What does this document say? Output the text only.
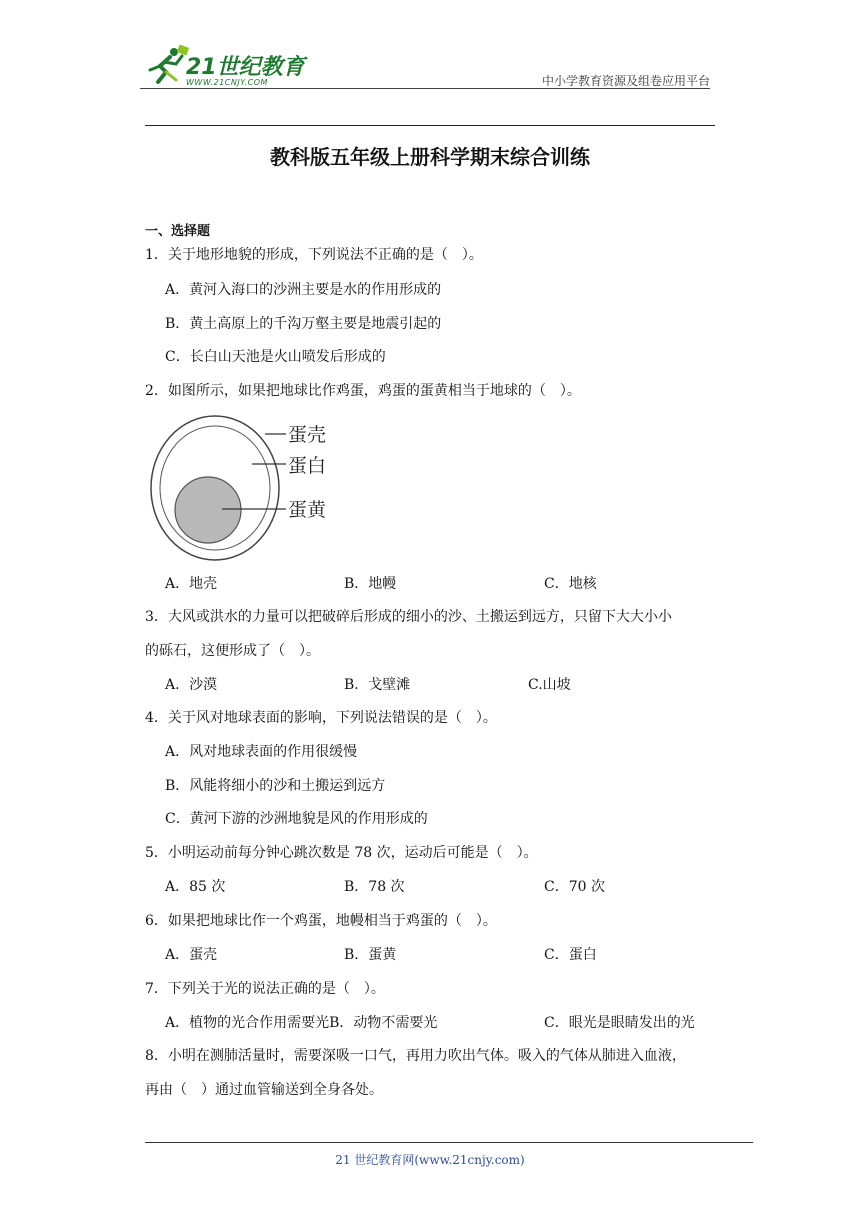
21世纪教育
WWW.21CNJY.COM	中小学教育资源及组卷应用平台
教科版五年级上册科学期末综合训练
一、选择题
1．关于地形地貌的形成，下列说法不正确的是（　）。
A．黄河入海口的沙洲主要是水的作用形成的
B．黄土高原上的千沟万壑主要是地震引起的
C．长白山天池是火山喷发后形成的
2．如图所示，如果把地球比作鸡蛋，鸡蛋的蛋黄相当于地球的（　）。
蛋壳
蛋白
蛋黄
A．地壳	B．地幔	C．地核
3．大风或洪水的力量可以把破碎后形成的细小的沙、土搬运到远方，只留下大大小小
的砾石，这便形成了（　）。
A．沙漠	B．戈壁滩	C.山坡
4．关于风对地球表面的影响，下列说法错误的是（　）。
A．风对地球表面的作用很缓慢
B．风能将细小的沙和土搬运到远方
C．黄河下游的沙洲地貌是风的作用形成的
5．小明运动前每分钟心跳次数是 78 次，运动后可能是（　）。
A．85 次	B．78 次	C．70 次
6．如果把地球比作一个鸡蛋，地幔相当于鸡蛋的（　）。
A．蛋壳	B．蛋黄	C．蛋白
7．下列关于光的说法正确的是（　）。
A．植物的光合作用需要光B．动物不需要光	C．眼光是眼睛发出的光
8．小明在测肺活量时，需要深吸一口气，再用力吹出气体。吸入的气体从肺进入血液，
再由（　）通过血管输送到全身各处。
21 世纪教育网(www.21cnjy.com)
